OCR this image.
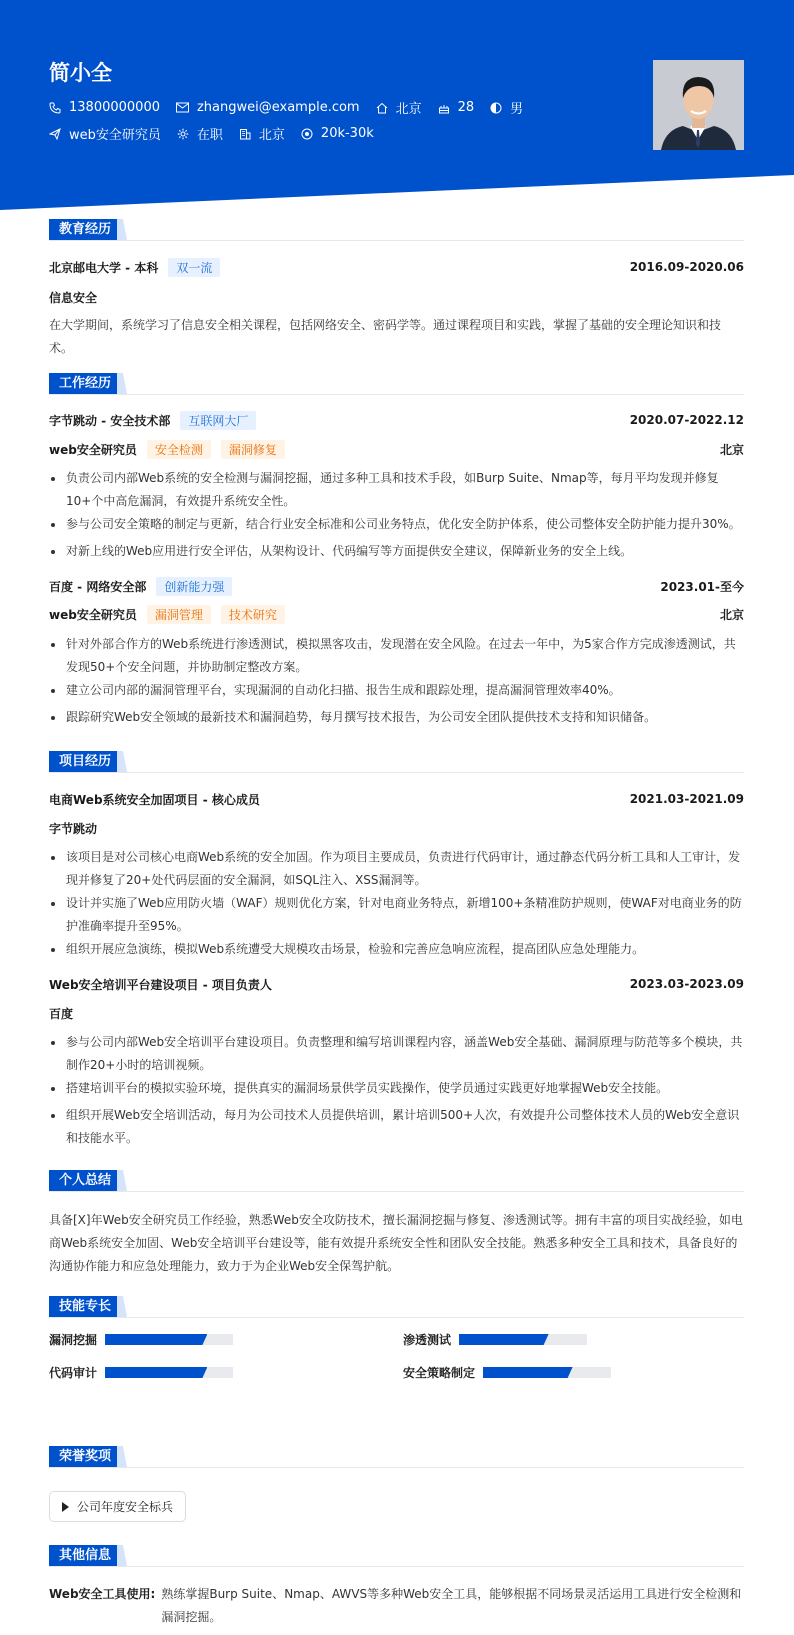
简小全
13800000000	zhangwei@example.com	北京	28	男
web安全研究员	在职	北京	20k-30k
教育经历
北京邮电大学 - 本科	双一流	2016.09-2020.06
信息安全
在大学期间，系统学习了信息安全相关课程，包括网络安全、密码学等。通过课程项目和实践，掌握了基础的安全理论知识和技术。
工作经历
字节跳动 - 安全技术部	互联网大厂	2020.07-2022.12
web安全研究员	安全检测	漏洞修复	北京
负责公司内部Web系统的安全检测与漏洞挖掘，通过多种工具和技术手段，如Burp Suite、Nmap等，每月平均发现并修复10+个中高危漏洞，有效提升系统安全性。
参与公司安全策略的制定与更新，结合行业安全标准和公司业务特点，优化安全防护体系，使公司整体安全防护能力提升30%。
对新上线的Web应用进行安全评估，从架构设计、代码编写等方面提供安全建议，保障新业务的安全上线。
百度 - 网络安全部	创新能力强	2023.01-至今
web安全研究员	漏洞管理	技术研究	北京
针对外部合作方的Web系统进行渗透测试，模拟黑客攻击，发现潜在安全风险。在过去一年中，为5家合作方完成渗透测试，共发现50+个安全问题，并协助制定整改方案。
建立公司内部的漏洞管理平台，实现漏洞的自动化扫描、报告生成和跟踪处理，提高漏洞管理效率40%。
跟踪研究Web安全领域的最新技术和漏洞趋势，每月撰写技术报告，为公司安全团队提供技术支持和知识储备。
项目经历
电商Web系统安全加固项目 - 核心成员	2021.03-2021.09
字节跳动
该项目是对公司核心电商Web系统的安全加固。作为项目主要成员，负责进行代码审计，通过静态代码分析工具和人工审计，发现并修复了20+处代码层面的安全漏洞，如SQL注入、XSS漏洞等。
设计并实施了Web应用防火墙（WAF）规则优化方案，针对电商业务特点，新增100+条精准防护规则，使WAF对电商业务的防护准确率提升至95%。
组织开展应急演练，模拟Web系统遭受大规模攻击场景，检验和完善应急响应流程，提高团队应急处理能力。
Web安全培训平台建设项目 - 项目负责人	2023.03-2023.09
百度
参与公司内部Web安全培训平台建设项目。负责整理和编写培训课程内容，涵盖Web安全基础、漏洞原理与防范等多个模块，共制作20+小时的培训视频。
搭建培训平台的模拟实验环境，提供真实的漏洞场景供学员实践操作，使学员通过实践更好地掌握Web安全技能。
组织开展Web安全培训活动，每月为公司技术人员提供培训，累计培训500+人次，有效提升公司整体技术人员的Web安全意识和技能水平。
个人总结
具备[X]年Web安全研究员工作经验，熟悉Web安全攻防技术，擅长漏洞挖掘与修复、渗透测试等。拥有丰富的项目实战经验，如电商Web系统安全加固、Web安全培训平台建设等，能有效提升系统安全性和团队安全技能。熟悉多种安全工具和技术，具备良好的沟通协作能力和应急处理能力，致力于为企业Web安全保驾护航。
技能专长
漏洞挖掘	渗透测试
代码审计	安全策略制定
荣誉奖项
公司年度安全标兵
其他信息
Web安全工具使用: 熟练掌握Burp Suite、Nmap、AWVS等多种Web安全工具，能够根据不同场景灵活运用工具进行安全检测和漏洞挖掘。
